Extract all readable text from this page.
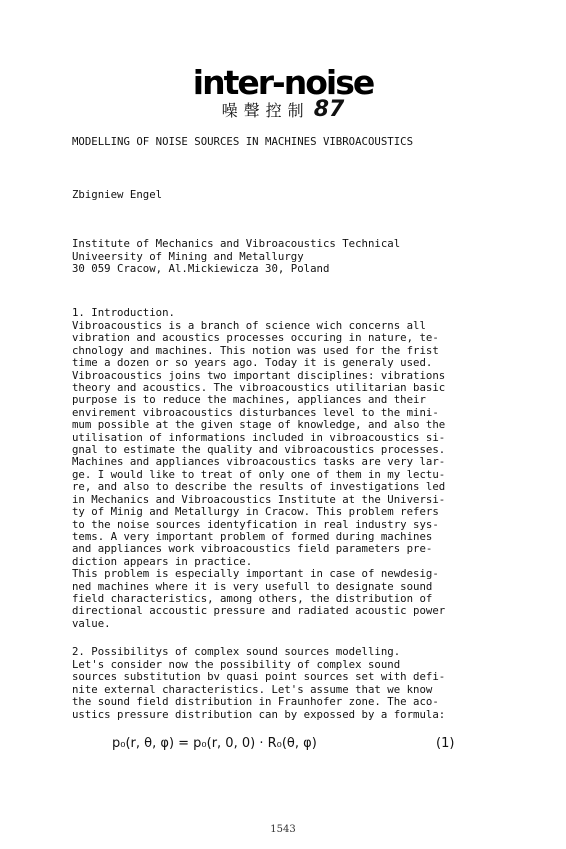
inter-noise
噪聲控制 87

MODELLING OF NOISE SOURCES IN MACHINES VIBROACOUSTICS

Zbigniew Engel

Institute of Mechanics and Vibroacoustics Technical

Univeersity of Mining and Metallurgy

30 059 Cracow, Al.Mickiewicza 30, Poland

1. Introduction.

Vibroacoustics is a branch of science wich concerns all
vibration and acoustics processes occuring in nature, te-
chnology and machines. This notion was used for the frist
time a dozen or so years ago. Today it is generaly used.
Vibroacoustics joins two important disciplines: vibrations
theory and acoustics. The vibroacoustics utilitarian basic
purpose is to reduce the machines, appliances and their
envirement vibroacoustics disturbances level to the mini-
mum possible at the given stage of knowledge, and also the
utilisation of informations included in vibroacoustics si-
gnal to estimate the quality and vibroacoustics processes.
Machines and appliances vibroacoustics tasks are very lar-
ge. I would like to treat of only one of them in my lectu-
re, and also to describe the results of investigations led
in Mechanics and Vibroacoustics Institute at the Universi-
ty of Minig and Metallurgy in Cracow. This problem refers
to the noise sources identyfication in real industry sys-
tems. A very important problem of formed during machines
and appliances work vibroacoustics field parameters pre-
diction appears in practice.
This problem is especially important in case of newdesig-
ned machines where it is very usefull to designate sound
field characteristics, among others, the distribution of
directional accoustic pressure and radiated acoustic power
value.

2. Possibilitys of complex sound sources modelling.

Let's consider now the possibility of complex sound
sources substitution bv quasi point sources set with defi-
nite external characteristics. Let's assume that we know
the sound field distribution in Fraunhofer zone. The aco-
ustics pressure distribution can by expossed by a formula:

p₀(r, θ, φ) = p₀(r, 0, 0) · R₀(θ, φ)	(1)

1543
